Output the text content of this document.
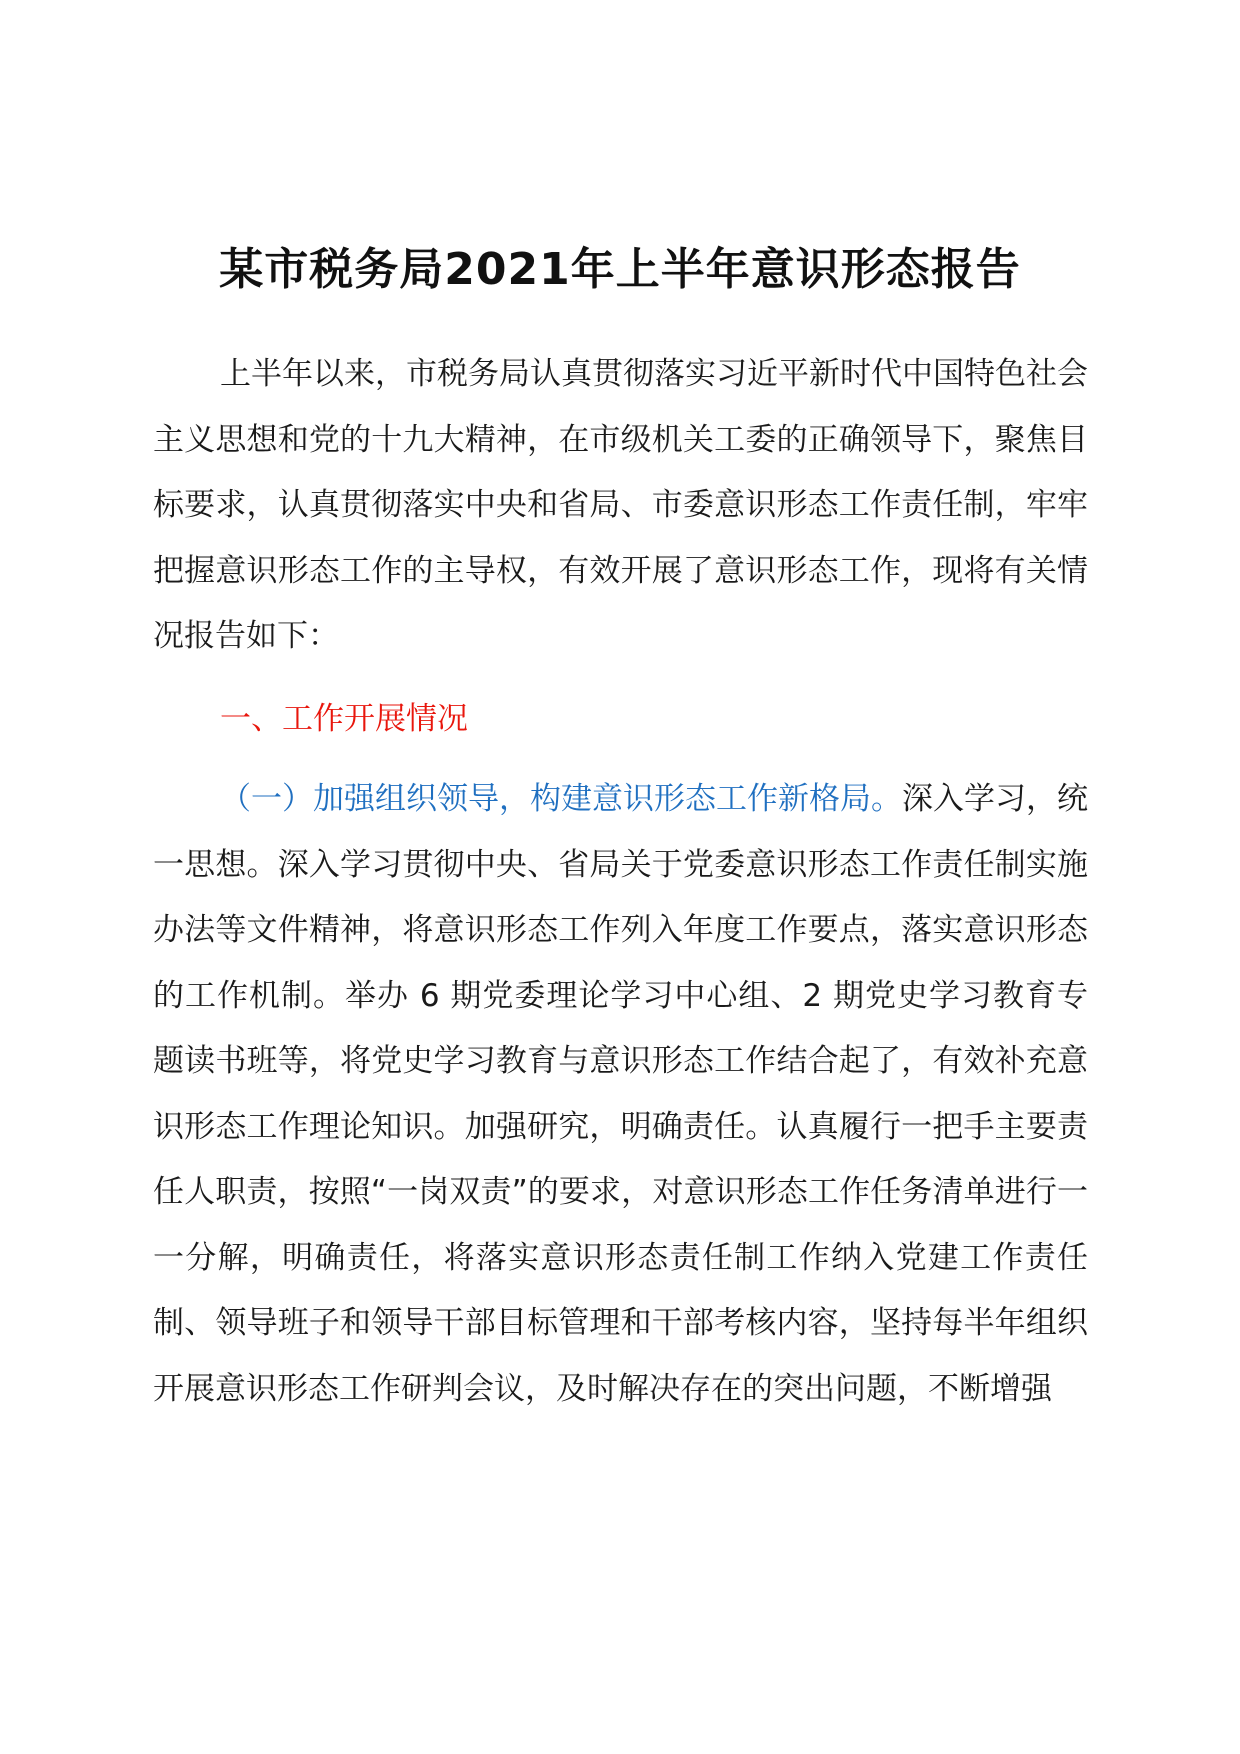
某市税务局2021年上半年意识形态报告

上半年以来，市税务局认真贯彻落实习近平新时代中国特色社会主义思想和党的十九大精神，在市级机关工委的正确领导下，聚焦目标要求，认真贯彻落实中央和省局、市委意识形态工作责任制，牢牢把握意识形态工作的主导权，有效开展了意识形态工作，现将有关情况报告如下：

一、工作开展情况

（一）加强组织领导，构建意识形态工作新格局。深入学习，统一思想。深入学习贯彻中央、省局关于党委意识形态工作责任制实施办法等文件精神，将意识形态工作列入年度工作要点，落实意识形态的工作机制。举办 6 期党委理论学习中心组、2 期党史学习教育专题读书班等，将党史学习教育与意识形态工作结合起了，有效补充意识形态工作理论知识。加强研究，明确责任。认真履行一把手主要责任人职责，按照“一岗双责”的要求，对意识形态工作任务清单进行一一分解，明确责任，将落实意识形态责任制工作纳入党建工作责任制、领导班子和领导干部目标管理和干部考核内容，坚持每半年组织开展意识形态工作研判会议，及时解决存在的突出问题，不断增强
